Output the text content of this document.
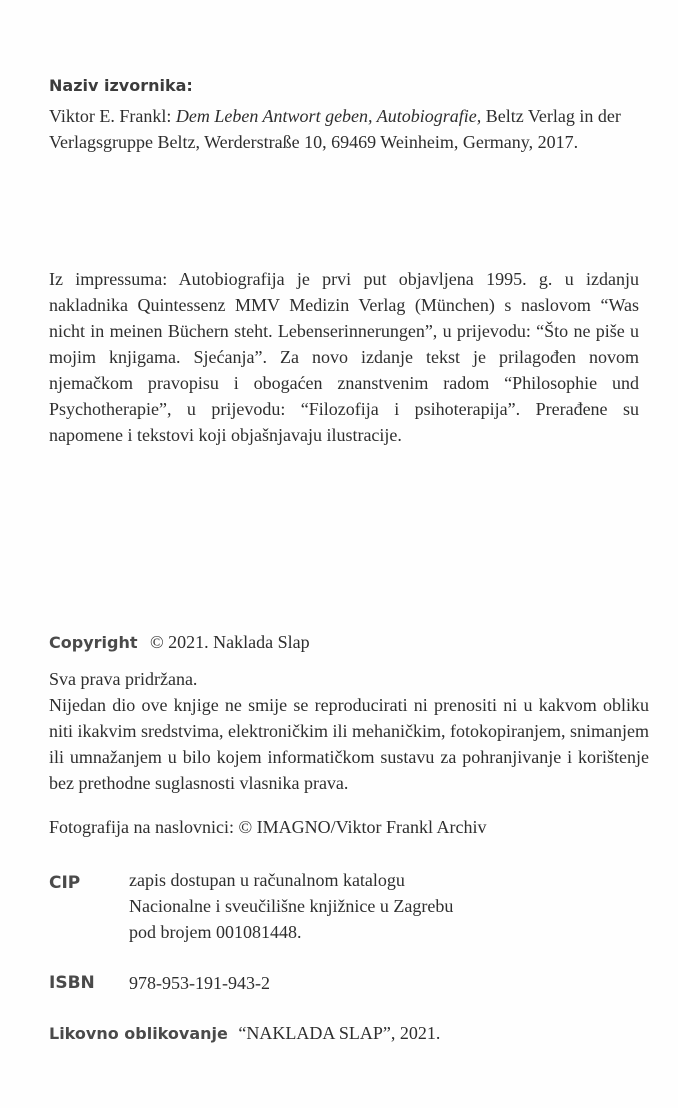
Naziv izvornika:
Viktor E. Frankl: Dem Leben Antwort geben, Autobiografie, Beltz Verlag in der
Verlagsgruppe Beltz, Werderstraße 10, 69469 Weinheim, Germany, 2017.
Iz impressuma: Autobiografija je prvi put objavljena 1995. g. u izdanju nakladnika Quintessenz MMV Medizin Verlag (München) s naslovom “Was nicht in meinen Büchern steht. Lebenserinnerungen”, u prijevodu: “Što ne piše u mojim knjigama. Sjećanja”. Za novo izdanje tekst je prilagođen novom njemačkom pravopisu i obogaćen znanstvenim radom “Philosophie und Psychotherapie”, u prijevodu: “Filozofija i psihoterapija”. Prerađene su napomene i tekstovi koji objašnjavaju ilustracije.
Copyright © 2021. Naklada Slap
Sva prava pridržana.
Nijedan dio ove knjige ne smije se reproducirati ni prenositi ni u kakvom obliku niti ikakvim sredstvima, elektroničkim ili mehaničkim, fotokopiranjem, snimanjem ili umnažanjem u bilo kojem informatičkom sustavu za pohranjivanje i korištenje bez prethodne suglasnosti vlasnika prava.
Fotografija na naslovnici: © IMAGNO/Viktor Frankl Archiv
CIP	zapis dostupan u računalnom katalogu
Nacionalne i sveučilišne knjižnice u Zagrebu
pod brojem 001081448.
ISBN 978-953-191-943-2
Likovno oblikovanje “NAKLADA SLAP”, 2021.
